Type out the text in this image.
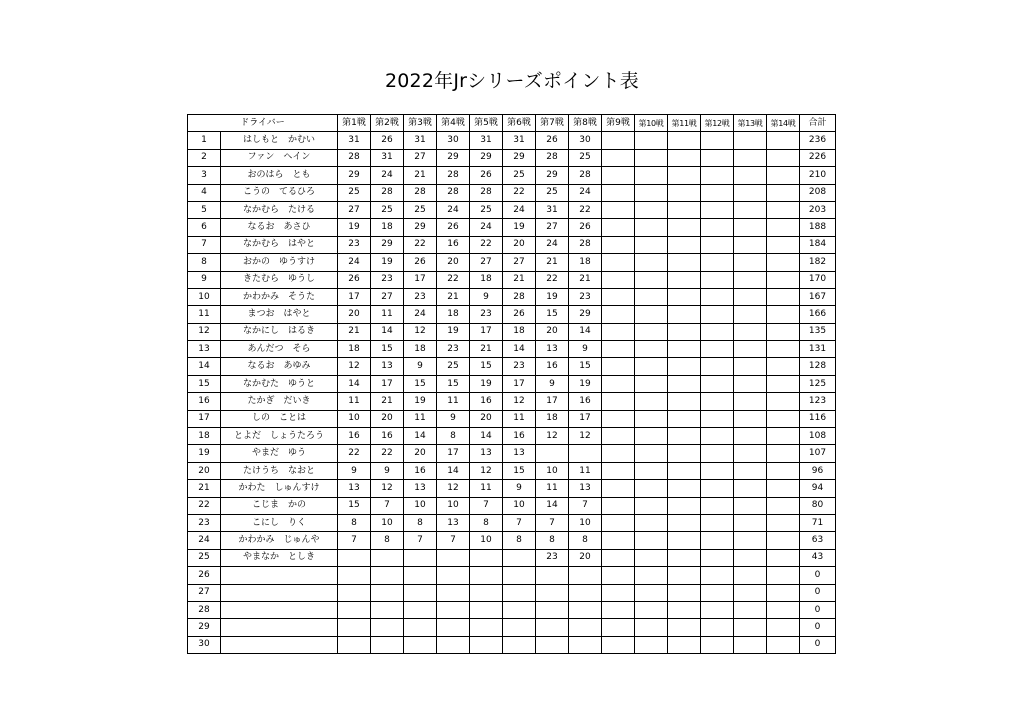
2022年Jrシリーズポイント表
ドライバー		第1戦	第2戦	第3戦	第4戦	第5戦	第6戦	第7戦	第8戦	第9戦	第10戦	第11戦	第12戦	第13戦	第14戦	合計
1	はしもと　かむい	31	26	31	30	31	31	26	30							236
2	ファン　ヘイン	28	31	27	29	29	29	28	25							226
3	おのはら　とも	29	24	21	28	26	25	29	28							210
4	こうの　てるひろ	25	28	28	28	28	22	25	24							208
5	なかむら　たける	27	25	25	24	25	24	31	22							203
6	なるお　あさひ	19	18	29	26	24	19	27	26							188
7	なかむら　はやと	23	29	22	16	22	20	24	28							184
8	おかの　ゆうすけ	24	19	26	20	27	27	21	18							182
9	きたむら　ゆうし	26	23	17	22	18	21	22	21							170
10	かわかみ　そうた	17	27	23	21	9	28	19	23							167
11	まつお　はやと	20	11	24	18	23	26	15	29							166
12	なかにし　はるき	21	14	12	19	17	18	20	14							135
13	あんだつ　そら	18	15	18	23	21	14	13	9							131
14	なるお　あゆみ	12	13	9	25	15	23	16	15							128
15	なかむた　ゆうと	14	17	15	15	19	17	9	19							125
16	たかぎ　だいき	11	21	19	11	16	12	17	16							123
17	しの　ことは	10	20	11	9	20	11	18	17							116
18	とよだ　しょうたろう	16	16	14	8	14	16	12	12							108
19	やまだ　ゆう	22	22	20	17	13	13									107
20	たけうち　なおと	9	9	16	14	12	15	10	11							96
21	かわた　しゅんすけ	13	12	13	12	11	9	11	13							94
22	こじま　かの	15	7	10	10	7	10	14	7							80
23	こにし　りく	8	10	8	13	8	7	7	10							71
24	かわかみ　じゅんや	7	8	7	7	10	8	8	8							63
25	やまなか　としき							23	20							43
26																0
27																0
28																0
29																0
30																0
